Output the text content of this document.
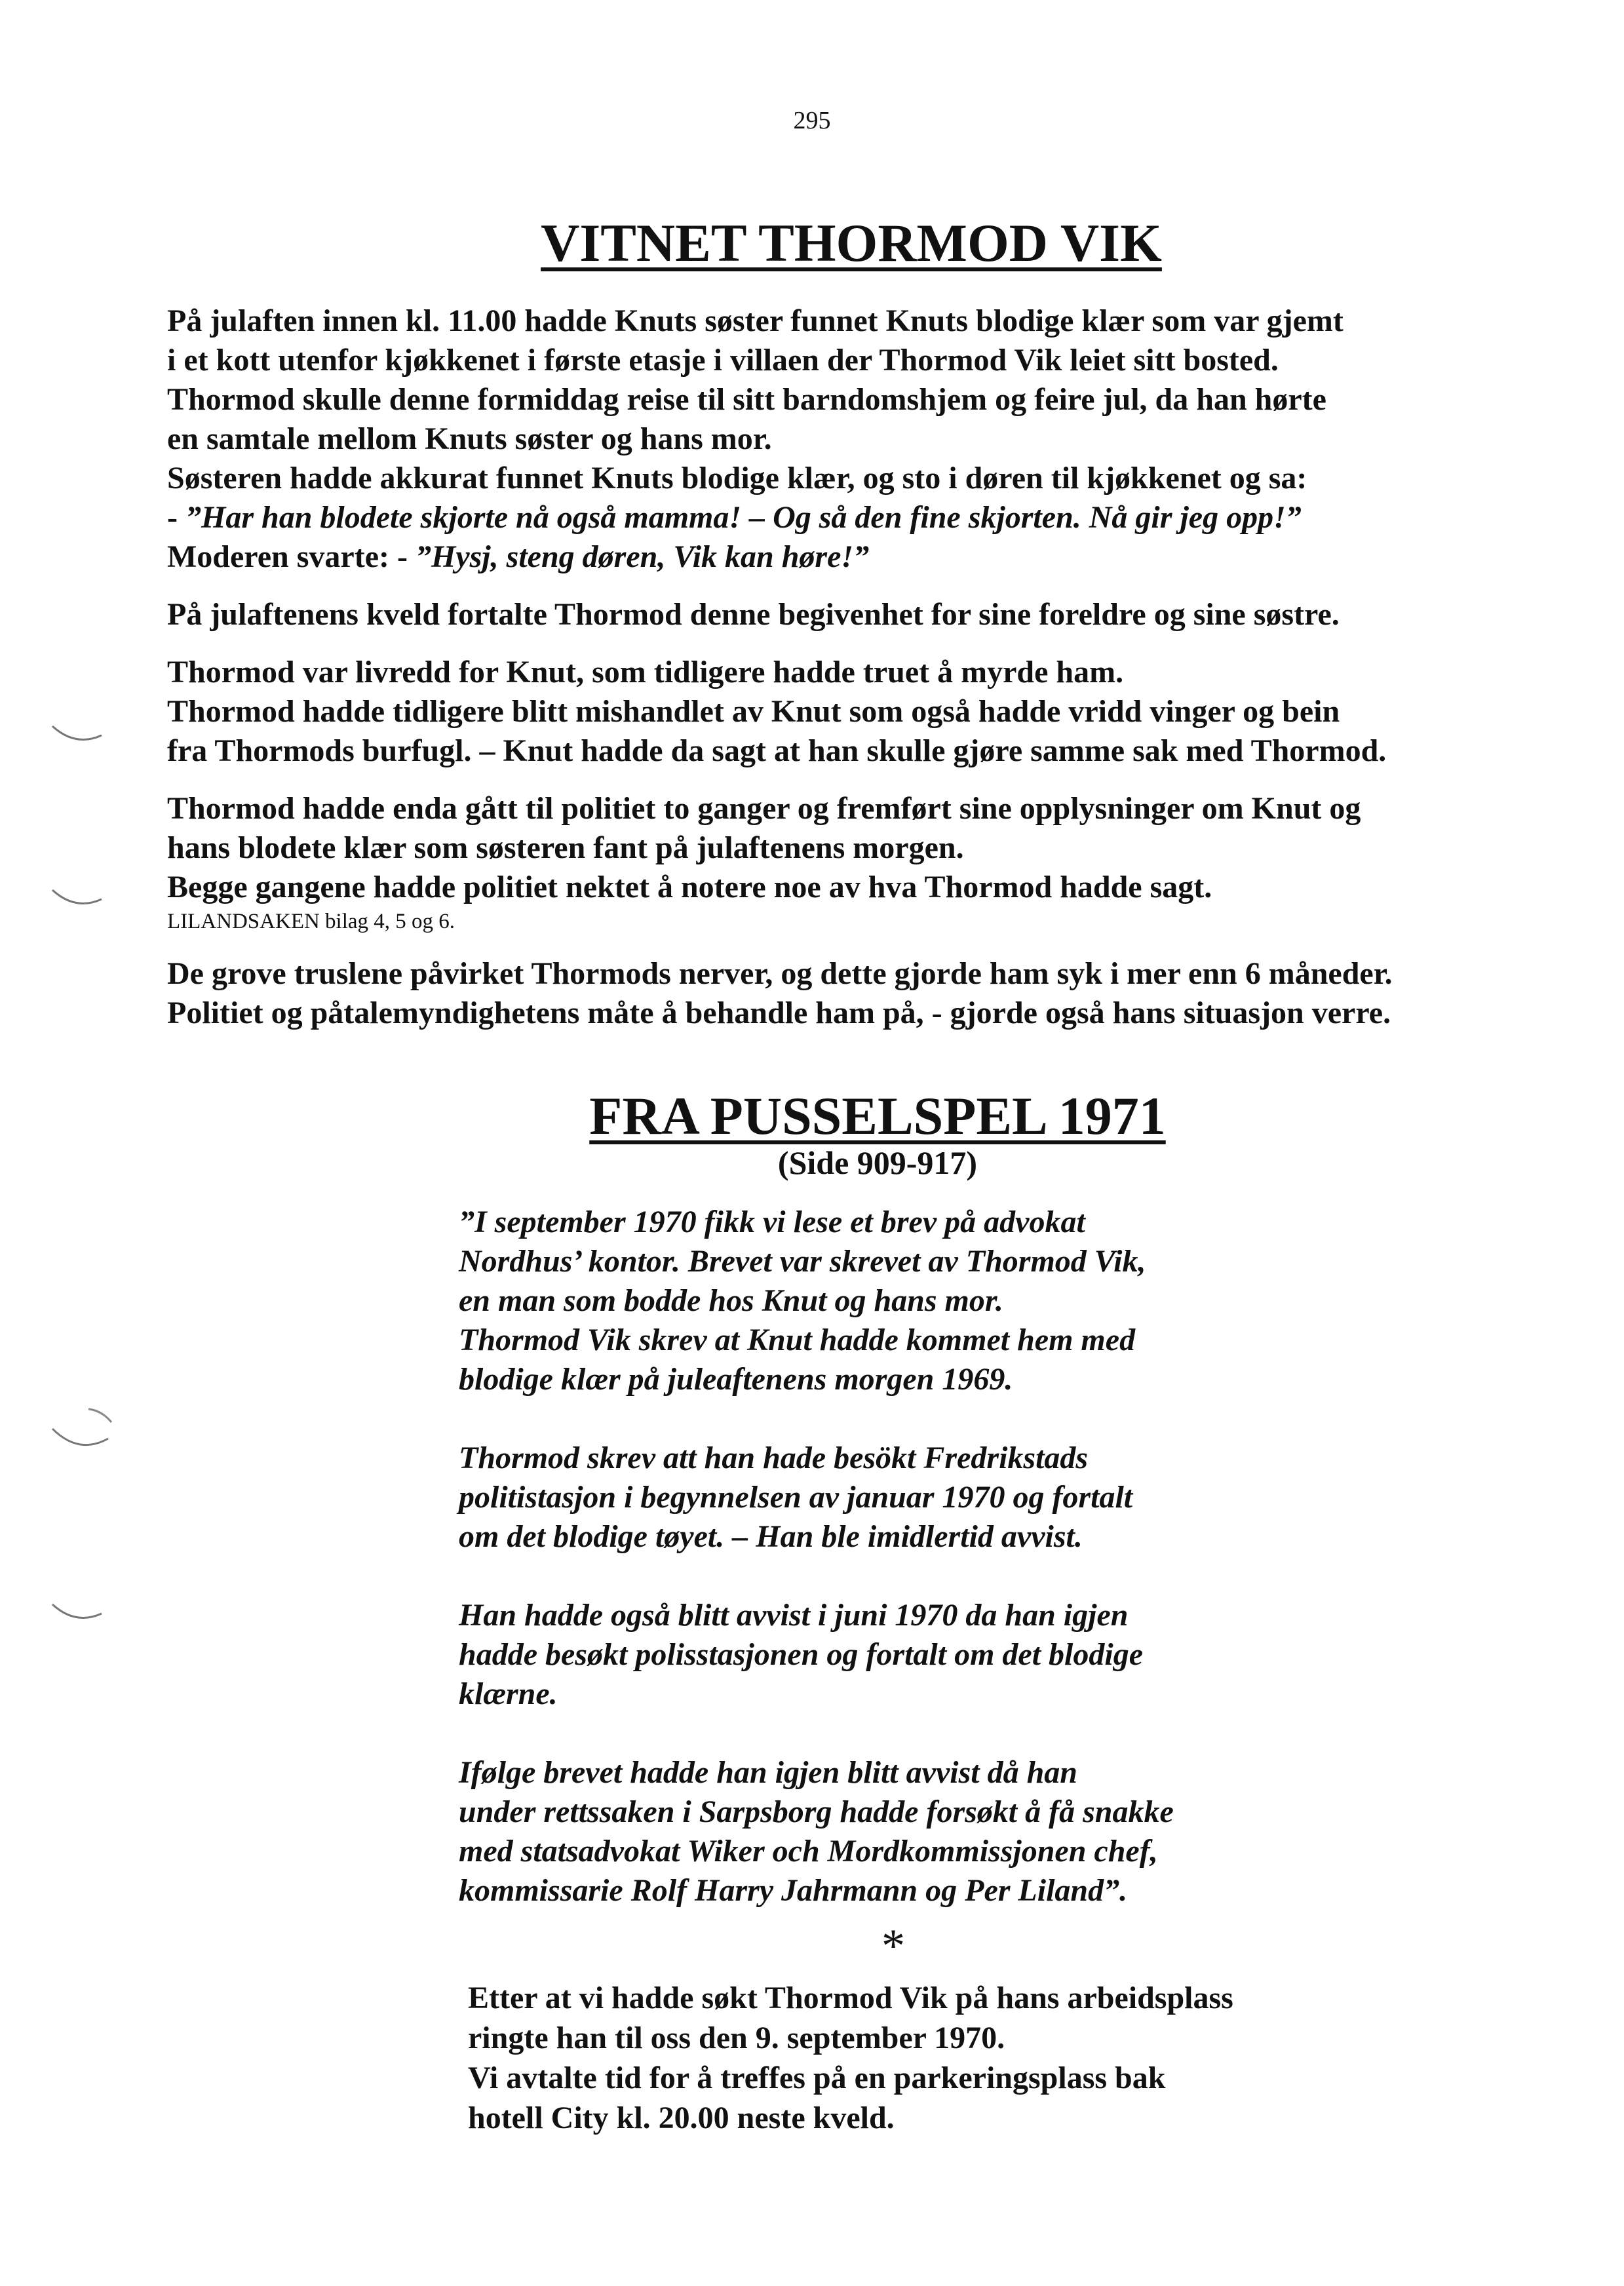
295
VITNET THORMOD VIK

På julaften innen kl. 11.00 hadde Knuts søster funnet Knuts blodige klær som var gjemt
i et kott utenfor kjøkkenet i første etasje i villaen der Thormod Vik leiet sitt bosted.
Thormod skulle denne formiddag reise til sitt barndomshjem og feire jul, da han hørte
en samtale mellom Knuts søster og hans mor.
Søsteren hadde akkurat funnet Knuts blodige klær, og sto i døren til kjøkkenet og sa:
- ”Har han blodete skjorte nå også mamma! – Og så den fine skjorten. Nå gir jeg opp!”
Moderen svarte: - ”Hysj, steng døren, Vik kan høre!”

På julaftenens kveld fortalte Thormod denne begivenhet for sine foreldre og sine søstre.

Thormod var livredd for Knut, som tidligere hadde truet å myrde ham.
Thormod hadde tidligere blitt mishandlet av Knut som også hadde vridd vinger og bein
fra Thormods burfugl. – Knut hadde da sagt at han skulle gjøre samme sak med Thormod.

Thormod hadde enda gått til politiet to ganger og fremført sine opplysninger om Knut og
hans blodete klær som søsteren fant på julaftenens morgen.
Begge gangene hadde politiet nektet å notere noe av hva Thormod hadde sagt.
LILANDSAKEN bilag 4, 5 og 6.

De grove truslene påvirket Thormods nerver, og dette gjorde ham syk i mer enn 6 måneder.
Politiet og påtalemyndighetens måte å behandle ham på, - gjorde også hans situasjon verre.

FRA PUSSELSPEL 1971
(Side 909-917)

”I september 1970 fikk vi lese et brev på advokat
Nordhus’ kontor. Brevet var skrevet av Thormod Vik,
en man som bodde hos Knut og hans mor.
Thormod Vik skrev at Knut hadde kommet hem med
blodige klær på juleaftenens morgen 1969.

Thormod skrev att han hade besökt Fredrikstads
politistasjon i begynnelsen av januar 1970 og fortalt
om det blodige tøyet. – Han ble imidlertid avvist.

Han hadde også blitt avvist i juni 1970 da han igjen
hadde besøkt polisstasjonen og fortalt om det blodige
klærne.

Ifølge brevet hadde han igjen blitt avvist då han
under rettssaken i Sarpsborg hadde forsøkt å få snakke
med statsadvokat Wiker och Mordkommissjonen chef,
kommissarie Rolf Harry Jahrmann og Per Liland”.

*
Etter at vi hadde søkt Thormod Vik på hans arbeidsplass
ringte han til oss den 9. september 1970.
Vi avtalte tid for å treffes på en parkeringsplass bak
hotell City kl. 20.00 neste kveld.
